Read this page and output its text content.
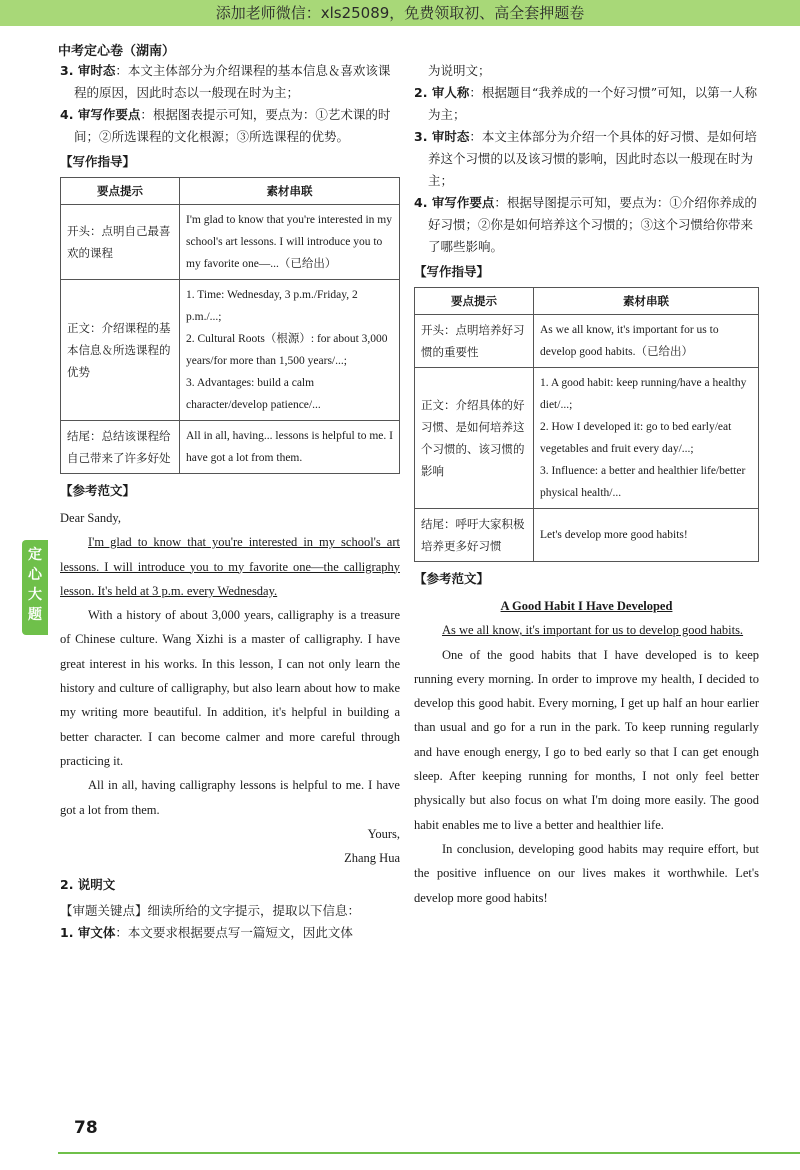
添加老师微信：xls25089，免费领取初、高全套押题卷
中考定心卷（湖南）
定
心
大
题

3. 审时态：本文主体部分为介绍课程的基本信息＆喜欢该课程的原因，因此时态以一般现在时为主；

4. 审写作要点：根据图表提示可知，要点为：①艺术课的时间；②所选课程的文化根源；③所选课程的优势。

【写作指导】

要点提示	素材串联
开头：点明自己最喜欢的课程	I'm glad to know that you're interested in my school's art lessons. I will introduce you to my favorite one—...（已给出）

正文：介绍课程的基本信息＆所选课程的优势	1. Time: Wednesday, 3 p.m./Friday, 2 p.m./...;
2. Cultural Roots（根源）: for about 3,000 years/for more than 1,500 years/...;
3. Advantages: build a calm character/develop patience/...

结尾：总结该课程给自己带来了许多好处	All in all, having... lessons is helpful to me. I have got a lot from them.

【参考范文】

Dear Sandy,

I'm glad to know that you're interested in my school's art lessons. I will introduce you to my favorite one—the calligraphy lesson. It's held at 3 p.m. every Wednesday.

With a history of about 3,000 years, calligraphy is a treasure of Chinese culture. Wang Xizhi is a master of calligraphy. I have great interest in his works. In this lesson, I can not only learn the history and culture of calligraphy, but also learn about how to make my writing more beautiful. In addition, it's helpful in building a better character. I can become calmer and more careful through practicing it.

All in all, having calligraphy lessons is helpful to me. I have got a lot from them.

Yours,

Zhang Hua

2. 说明文

【审题关键点】细读所给的文字提示，提取以下信息：

1. 审文体：本文要求根据要点写一篇短文，因此文体

为说明文；

2. 审人称：根据题目“我养成的一个好习惯”可知，以第一人称为主；

3. 审时态：本文主体部分为介绍一个具体的好习惯、是如何培养这个习惯的以及该习惯的影响，因此时态以一般现在时为主；

4. 审写作要点：根据导图提示可知，要点为：①介绍你养成的好习惯；②你是如何培养这个习惯的；③这个习惯给你带来了哪些影响。

【写作指导】

要点提示	素材串联
开头：点明培养好习惯的重要性	As we all know, it's important for us to develop good habits.（已给出）

正文：介绍具体的好习惯、是如何培养这个习惯的、该习惯的影响	1. A good habit: keep running/have a healthy diet/...;
2. How I developed it: go to bed early/eat vegetables and fruit every day/...;
3. Influence: a better and healthier life/better physical health/...

结尾：呼吁大家积极培养更多好习惯	Let's develop more good habits!

【参考范文】

A Good Habit I Have Developed

As we all know, it's important for us to develop good habits.

One of the good habits that I have developed is to keep running every morning. In order to improve my health, I decided to develop this good habit. Every morning, I get up half an hour earlier than usual and go for a run in the park. To keep running regularly and have enough energy, I go to bed early so that I can get enough sleep. After keeping running for months, I not only feel better physically but also focus on what I'm doing more easily. The good habit enables me to live a better and healthier life.

In conclusion, developing good habits may require effort, but the positive influence on our lives makes it worthwhile. Let's develop more good habits!

78
